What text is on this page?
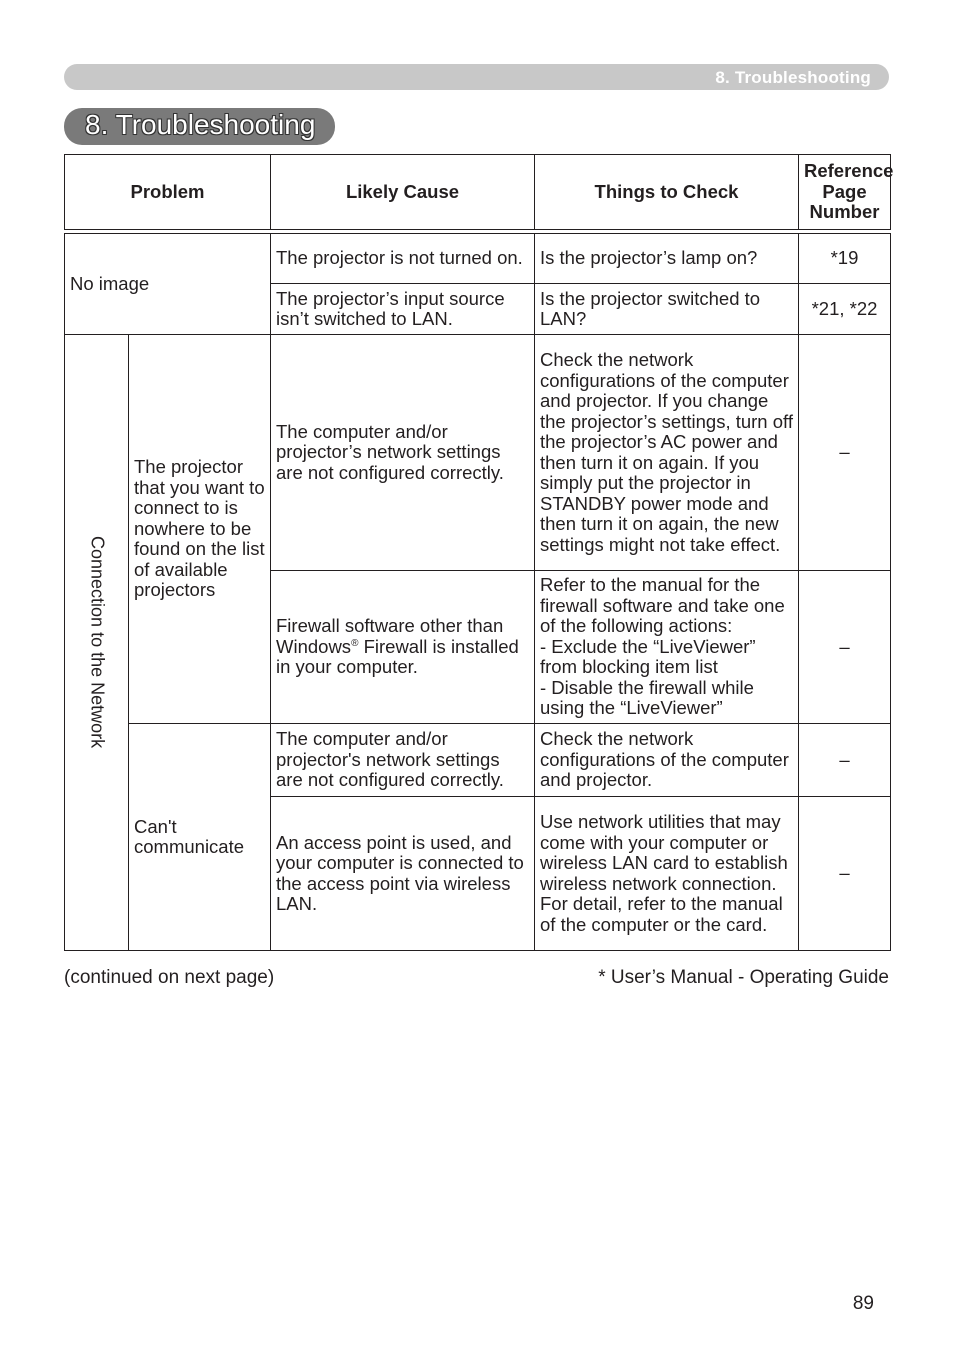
8. Troubleshooting
8. Troubleshooting
Problem		Likely Cause	Things to Check	Reference
Page
Number

No image		The projector is not turned on.	Is the projector’s lamp on?	*19
		The projector’s input source isn’t switched to LAN.	Is the projector switched to LAN?	*21, *22

Connection to the Network	The projector that you want to connect to is nowhere to be found on the list of available projectors	The computer and/or projector’s network settings are not configured correctly.	Check the network configurations of the computer and projector. If you change the projector’s settings, turn off the projector’s AC power and then turn it on again. If you simply put the projector in STANDBY power mode and then turn it on again, the new settings might not take effect.	–
		Firewall software other than Windows® Firewall is installed in your computer.	Refer to the manual for the firewall software and take one of the following actions:
- Exclude the “LiveViewer” from blocking item list
- Disable the firewall while using the “LiveViewer”	–
	Can't communicate	The computer and/or projector's network settings are not configured correctly.	Check the network configurations of the computer and projector.	–
		An access point is used, and your computer is connected to the access point via wireless LAN.	Use network utilities that may come with your computer or wireless LAN card to establish wireless network connection. For detail, refer to the manual of the computer or the card.	–
(continued on next page)	* User’s Manual - Operating Guide
89
